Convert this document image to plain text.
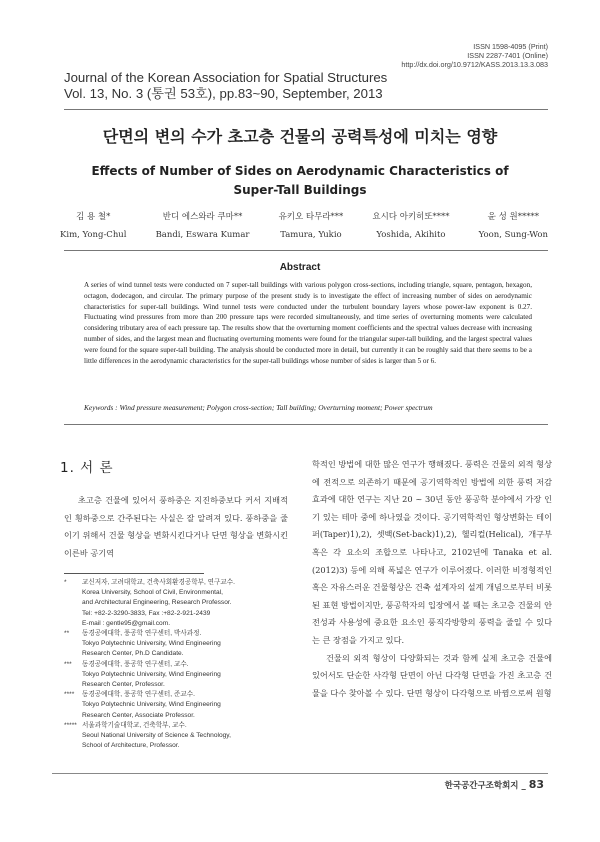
ISSN 1598-4095 (Print)
ISSN 2287-7401 (Online)
http://dx.doi.org/10.9712/KASS.2013.13.3.083
Journal of the Korean Association for Spatial Structures
Vol. 13, No. 3 (통권 53호), pp.83~90, September, 2013
단면의 변의 수가 초고층 건물의 공력특성에 미치는 영향
Effects of Number of Sides on Aerodynamic Characteristics of
Super-Tall Buildings
김 용 철*
Kim, Yong-Chul
반디 에스와라 쿠마**
Bandi, Eswara Kumar
유키오 타무라***
Tamura, Yukio
요시다 아키히또****
Yoshida, Akihito
윤 성 원*****
Yoon, Sung-Won
Abstract
A series of wind tunnel tests were conducted on 7 super-tall buildings with various polygon cross-sections, including triangle, square, pentagon, hexagon, octagon, dodecagon, and circular. The primary purpose of the present study is to investigate the effect of increasing number of sides on aerodynamic characteristics for super-tall buildings. Wind tunnel tests were conducted under the turbulent boundary layers whose power-law exponent is 0.27. Fluctuating wind pressures from more than 200 pressure taps were recorded simultaneously, and time series of overturning moments were calculated considering tributary area of each pressure tap. The results show that the overturning moment coefficients and the spectral values decrease with increasing number of sides, and the largest mean and fluctuating overturning moments were found for the triangular super-tall building, and the largest spectral values were found for the square super-tall building. The analysis should be conducted more in detail, but currently it can be roughly said that there seems to be a little differences in the aerodynamic characteristics for the super-tall buildings whose number of sides is larger than 5 or 6.
Keywords : Wind pressure measurement; Polygon cross-section; Tall building; Overturning moment; Power spectrum
1. 서 론

초고층 건물에 있어서 풍하중은 지진하중보다 커서 지배적인 횡하중으로 간주된다는 사실은 잘 알려져 있다. 풍하중을 줄이기 위해서 건물 형상을 변화시킨다거나 단면 형상을 변화시킨 이른바 공기역

*	교신저자, 고려대학교, 건축사회환경공학부, 연구교수.
Korea University, School of Civil, Environmental,
and Architectural Engineering, Research Professor.
Tel: +82-2-3290-3833, Fax :+82-2-921-2439
E-mail : gentle95@gmail.com.
**	동경공예대학, 풍공학 연구센터, 박사과정.
Tokyo Polytechnic University, Wind Engineering
Research Center, Ph.D Candidate.
***	동경공예대학, 풍공학 연구센터, 교수.
Tokyo Polytechnic University, Wind Engineering
Research Center, Professor.
****	동경공예대학, 풍공학 연구센터, 준교수.
Tokyo Polytechnic University, Wind Engineering
Research Center, Associate Professor.
***** 서울과학기술대학교, 건축학부, 교수.
Seoul National University of Science & Technology,
School of Architecture, Professor.

학적인 방법에 대한 많은 연구가 행해졌다. 풍력은 건물의 외적 형상에 전적으로 의존하기 때문에 공기역학적인 방법에 의한 풍력 저감 효과에 대한 연구는 지난 20 ~ 30년 동안 풍공학 분야에서 가장 인기 있는 테마 중에 하나였을 것이다. 공기역학적인 형상변화는 테이퍼(Taper)1),2), 셋백(Set-back)1),2), 헬리컬(Helical), 개구부 혹은 각 요소의 조합으로 나타나고, 2102년에 Tanaka et al. (2012)3) 등에 의해 폭넓은 연구가 이루어졌다. 이러한 비정형적인 혹은 자유스러운 건물형상은 건축 설계자의 설계 개념으로부터 비롯된 표현 방법이지만, 풍공학자의 입장에서 볼 때는 초고층 건물의 안전성과 사용성에 중요한 요소인 풍직각방향의 풍력을 줄일 수 있다는 큰 장점을 가지고 있다.

건물의 외적 형상이 다양화되는 것과 함께 실제 초고층 건물에 있어서도 단순한 사각형 단면이 아닌 다각형 단면을 가진 초고층 건물을 다수 찾아볼 수 있다. 단면 형상이 다각형으로 바뀜으로써 원형

한국공간구조학회지 _ 83
